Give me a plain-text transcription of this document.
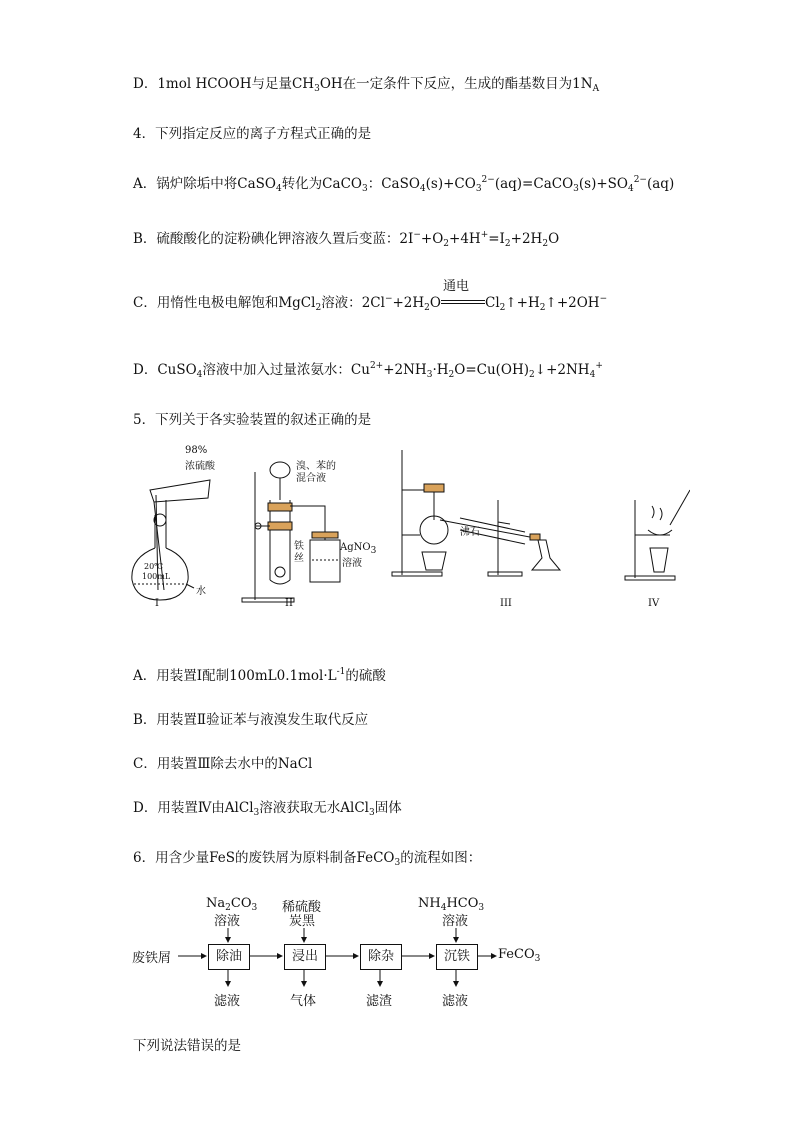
D．1mol HCOOH与足量$CH_3OH$在一定条件下反应，生成的酯基数目为$1N_A$
4．下列指定反应的离子方程式正确的是
A．锅炉除垢中将CaSO$_4$转化为CaCO$_3$：$CaSO_4(s)+CO_3^{2-}(aq)=CaCO_3(s)+SO_4^{2-}(aq)$
B．硫酸酸化的淀粉碘化钾溶液久置后变蓝：$2I^-+O_2+4H^+=I_2+2H_2O$
C．用惰性电极电解饱和MgCl$_2$溶液：$2Cl^-+2H_2O$
通电
$Cl_2↑+H_2↑+2OH^-$
D．CuSO$_4$溶液中加入过量浓氨水：$Cu^{2+}+2NH_3\cdot H_2O=Cu(OH)_2↓+2NH_4^+$
5．下列关于各实验装置的叙述正确的是
98%
浓硫酸
20℃
100mL
水
溴、苯的
混合液
铁
丝
AgNO3
溶液
沸石
I	II	III	IV
A．用装置Ⅰ配制$100mL0.1mol\cdot L^{-1}$的硫酸
B．用装置Ⅱ验证苯与液溴发生取代反应
C．用装置Ⅲ除去水中的NaCl
D．用装置Ⅳ由AlCl$_3$溶液获取无水AlCl$_3$固体
6．用含少量FeS的废铁屑为原料制备FeCO$_3$的流程如图：
废铁屑	除油	浸出	除杂	沉铁	FeCO$_3$
$Na_2CO_3$
溶液
稀硫酸
炭黑
$NH_4HCO_3$
溶液
滤液	气体	滤渣	滤液
下列说法错误的是
